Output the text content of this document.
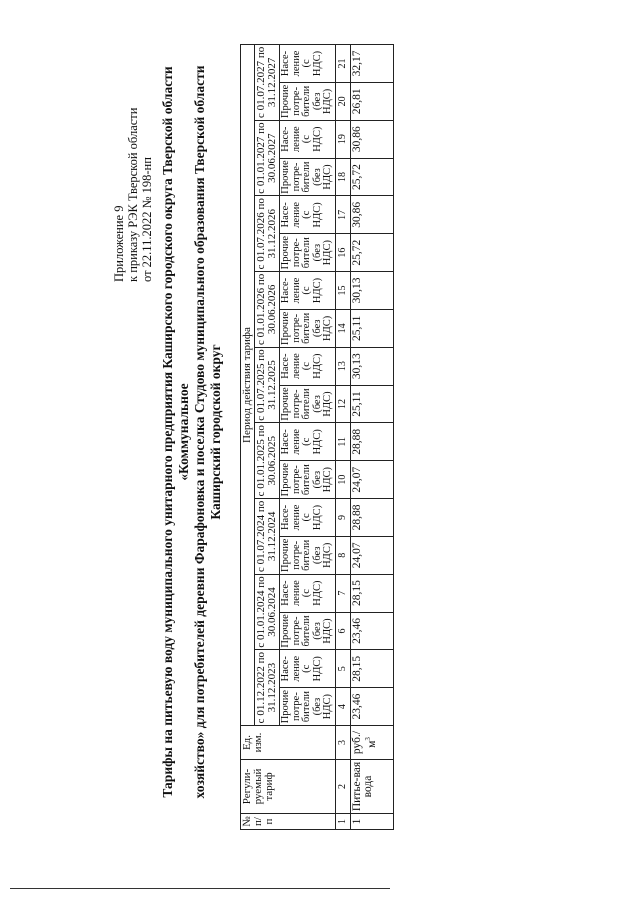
Приложение 9 к приказу РЭК Тверской области от 22.11.2022 № 198-нп Тарифы на питьевую воду муниципального унитарного предприятия Каширского городского округа Тверской области «Коммунальное хозяйство» для потребителей деревни Фарафоновка и поселка Студово муниципального образования Тверской области Каширский городской округ
№ п/ п	Регули-руемый тариф	Ед. изм.	Период действия тарифа																	
			с 01.12.2022 по 31.12.2023		с 01.01.2024 по 30.06.2024		с 01.07.2024 по 31.12.2024		с 01.01.2025 по 30.06.2025		с 01.07.2025 по 31.12.2025		с 01.01.2026 по 30.06.2026		с 01.07.2026 по 31.12.2026		с 01.01.2027 по 30.06.2027		с 01.07.2027 по 31.12.2027	
			Прочие потре-бители (без НДС)	Насе-ление (с НДС)	Прочие потре-бители (без НДС)	Насе-ление (с НДС)	Прочие потре-бители (без НДС)	Насе-ление (с НДС)	Прочие потре-бители (без НДС)	Насе-ление (с НДС)	Прочие потре-бители (без НДС)	Насе-ление (с НДС)	Прочие потре-бители (без НДС)	Насе-ление (с НДС)	Прочие потре-бители (без НДС)	Насе-ление (с НДС)	Прочие потре-бители (без НДС)	Насе-ление (с НДС)	Прочие потре-бители (без НДС)	Насе-ление (с НДС)
1	2	3	4	5	6	7	8	9	10	11	12	13	14	15	16	17	18	19	20	21
1	Питье-вая вода	$руб./м^3$	23,46	28,15	23,46	28,15	24,07	28,88	24,07	28,88	25,11	30,13	25,11	30,13	25,72	30,86	25,72	30,86	26,81	32,17
